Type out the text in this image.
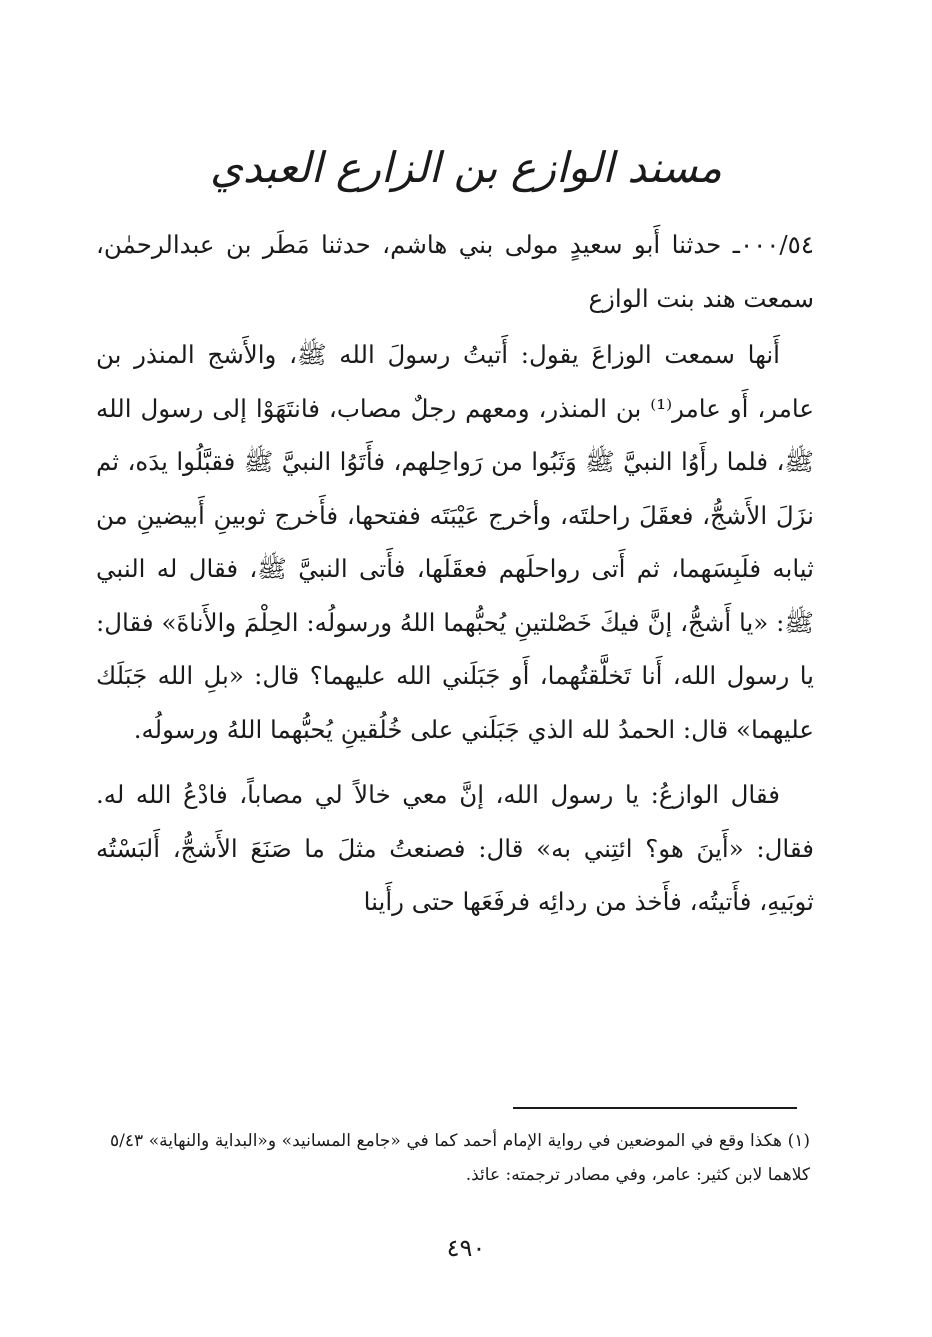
مسند الوازع بن الزارع العبدي

٠٠٠/٥٤ـ حدثنا أَبو سعيدٍ مولى بني هاشم، حدثنا مَطَر بن عبدالرحمٰن، سمعت هند بنت الوازع

أَنها سمعت الوزاعَ يقول: أَتيتُ رسولَ الله ﷺ، والأَشج المنذر بن عامر، أَو عامر⁽¹⁾ بن المنذر، ومعهم رجلٌ مصاب، فانتَهَوْا إلى رسول الله ﷺ، فلما رأَوُا النبيَّ ﷺ وَثَبُوا من رَواحِلهم، فأَتَوُا النبيَّ ﷺ فقبَّلُوا يدَه، ثم نزَلَ الأَشجُّ، فعقَلَ راحلتَه، وأخرج عَيْبَتَه ففتحها، فأَخرج ثوبينِ أَبيضينِ من ثيابه فلَبِسَهما، ثم أَتى رواحلَهم فعقَلَها، فأَتى النبيَّ ﷺ، فقال له النبي ﷺ: «يا أَشجُّ، إنَّ فيكَ خَصْلتينِ يُحبُّهما اللهُ ورسولُه: الحِلْمَ والأَناةَ» فقال: يا رسول الله، أَنا تَخلَّقتُهما، أَو جَبَلَني الله عليهما؟ قال: «بلِ الله جَبَلَك عليهما» قال: الحمدُ لله الذي جَبَلَني على خُلُقينِ يُحبُّهما اللهُ ورسولُه.

فقال الوازعُ: يا رسول الله، إنَّ معي خالاً لي مصاباً، فادْعُ الله له. فقال: «أَينَ هو؟ ائتِني به» قال: فصنعتُ مثلَ ما صَنَعَ الأَشجُّ، أَلبَسْتُه ثوبَيهِ، فأَتيتُه، فأَخذ من ردائِه فرفَعَها حتى رأَينا

(١) هكذا وقع في الموضعين في رواية الإمام أحمد كما في «جامع المسانيد» و«البداية والنهاية» ٥/٤٣ كلاهما لابن كثير: عامر، وفي مصادر ترجمته: عائذ.

٤٩٠
